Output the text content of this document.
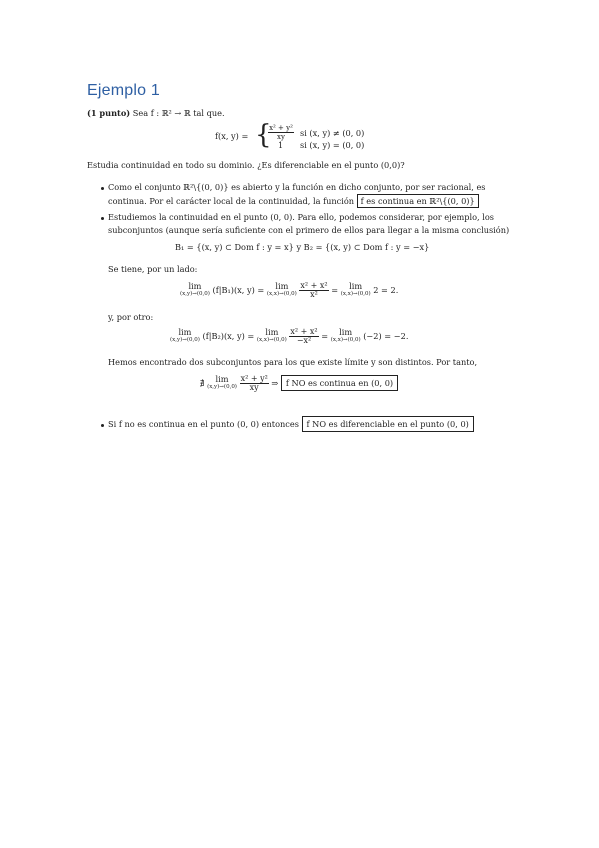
Ejemplo 1
(1 punto) Sea f : ℝ² → ℝ tal que.
f(x, y) = {
$\frac{\text{x² + y²}}{xy}$ si (x, y) ≠ (0, 0)
1 si (x, y) = (0, 0)
Estudia continuidad en todo su dominio. ¿Es diferenciable en el punto (0,0)?
Como el conjunto ℝ²\{(0, 0)} es abierto y la función en dicho conjunto, por ser racional, es
continua. Por el carácter local de la continuidad, la función f es continua en ℝ²\{(0, 0)}
Estudiemos la continuidad en el punto (0, 0). Para ello, podemos considerar, por ejemplo, los
subconjuntos (aunque sería suficiente con el primero de ellos para llegar a la misma conclusión)
B₁ = {(x, y) ⊂ Dom f : y = x} y B₂ = {(x, y) ⊂ Dom f : y = −x}
Se tiene, por un lado:
lim
(x,y)→(0,0) (f|B₁)(x, y) =	lim
(x,x)→(0,0)
$\frac{\text{x² + x²}}{\text{x²}}$ =	lim
(x,x)→(0,0) 2 = 2.
y, por otro:
lim
(x,y)→(0,0) (f|B₂)(x, y) =	lim
(x,x)→(0,0)
$\frac{\text{x² + x²}}{\text{−x²}}$ =	lim
(x,x)→(0,0) (−2) = −2.
Hemos encontrado dos subconjuntos para los que existe límite y son distintos. Por tanto,
∄	lim
(x,y)→(0,0)
$\frac{\text{x² + y²}}{xy}$ ⇒ f NO es continua en (0, 0)
Si f no es continua en el punto (0, 0) entonces f NO es diferenciable en el punto (0, 0)
